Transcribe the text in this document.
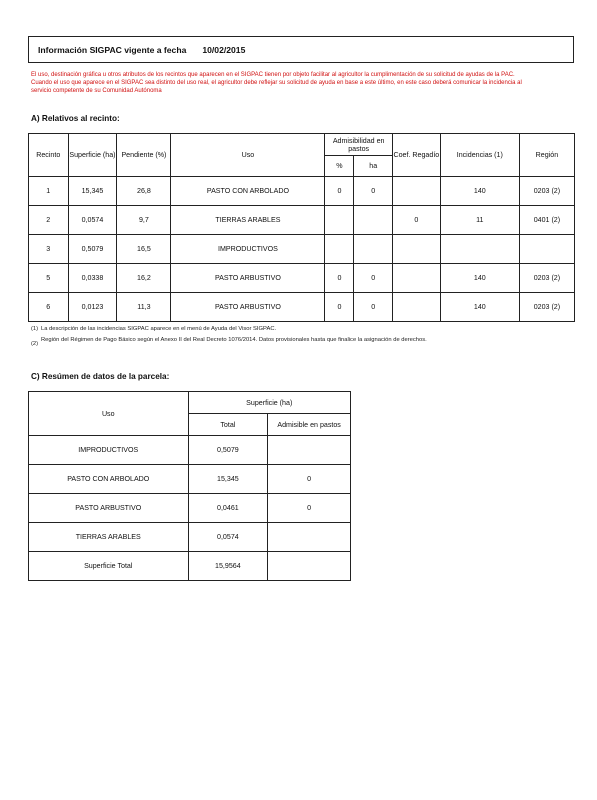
Información SIGPAC vigente a fecha 10/02/2015
El uso, destinación gráfica u otros atributos de los recintos que aparecen en el SIGPAC tienen por objeto facilitar al agricultor la cumplimentación de su solicitud de ayudas de la PAC. Cuando el uso que aparece en el SIGPAC sea distinto del uso real, el agricultor debe reflejar su solicitud de ayuda en base a este último, en este caso deberá comunicar la incidencia al servicio competente de su Comunidad Autónoma
A) Relativos al recinto:
Recinto	Superficie (ha)	Pendiente (%)	Uso	Admisibilidad en pastos		Coef. Regadío	Incidencias (1)	Región
				%	ha			
1	15,345	26,8	PASTO CON ARBOLADO	0	0		140	0203 (2)
2	0,0574	9,7	TIERRAS ARABLES			0	11	0401 (2)
3	0,5079	16,5	IMPRODUCTIVOS					
5	0,0338	16,2	PASTO ARBUSTIVO	0	0		140	0203 (2)
6	0,0123	11,3	PASTO ARBUSTIVO	0	0		140	0203 (2)
(1) La descripción de las incidencias SIGPAC aparece en el menú de Ayuda del Visor SIGPAC.
(2)
Región del Régimen de Pago Básico según el Anexo II del Real Decreto 1076/2014. Datos provisionales hasta que finalice la asignación de derechos.
C) Resúmen de datos de la parcela:
Uso	Superficie (ha)	
	Total	Admisible en pastos
IMPRODUCTIVOS	0,5079	
PASTO CON ARBOLADO	15,345	0
PASTO ARBUSTIVO	0,0461	0
TIERRAS ARABLES	0,0574	
Superficie Total	15,9564	
